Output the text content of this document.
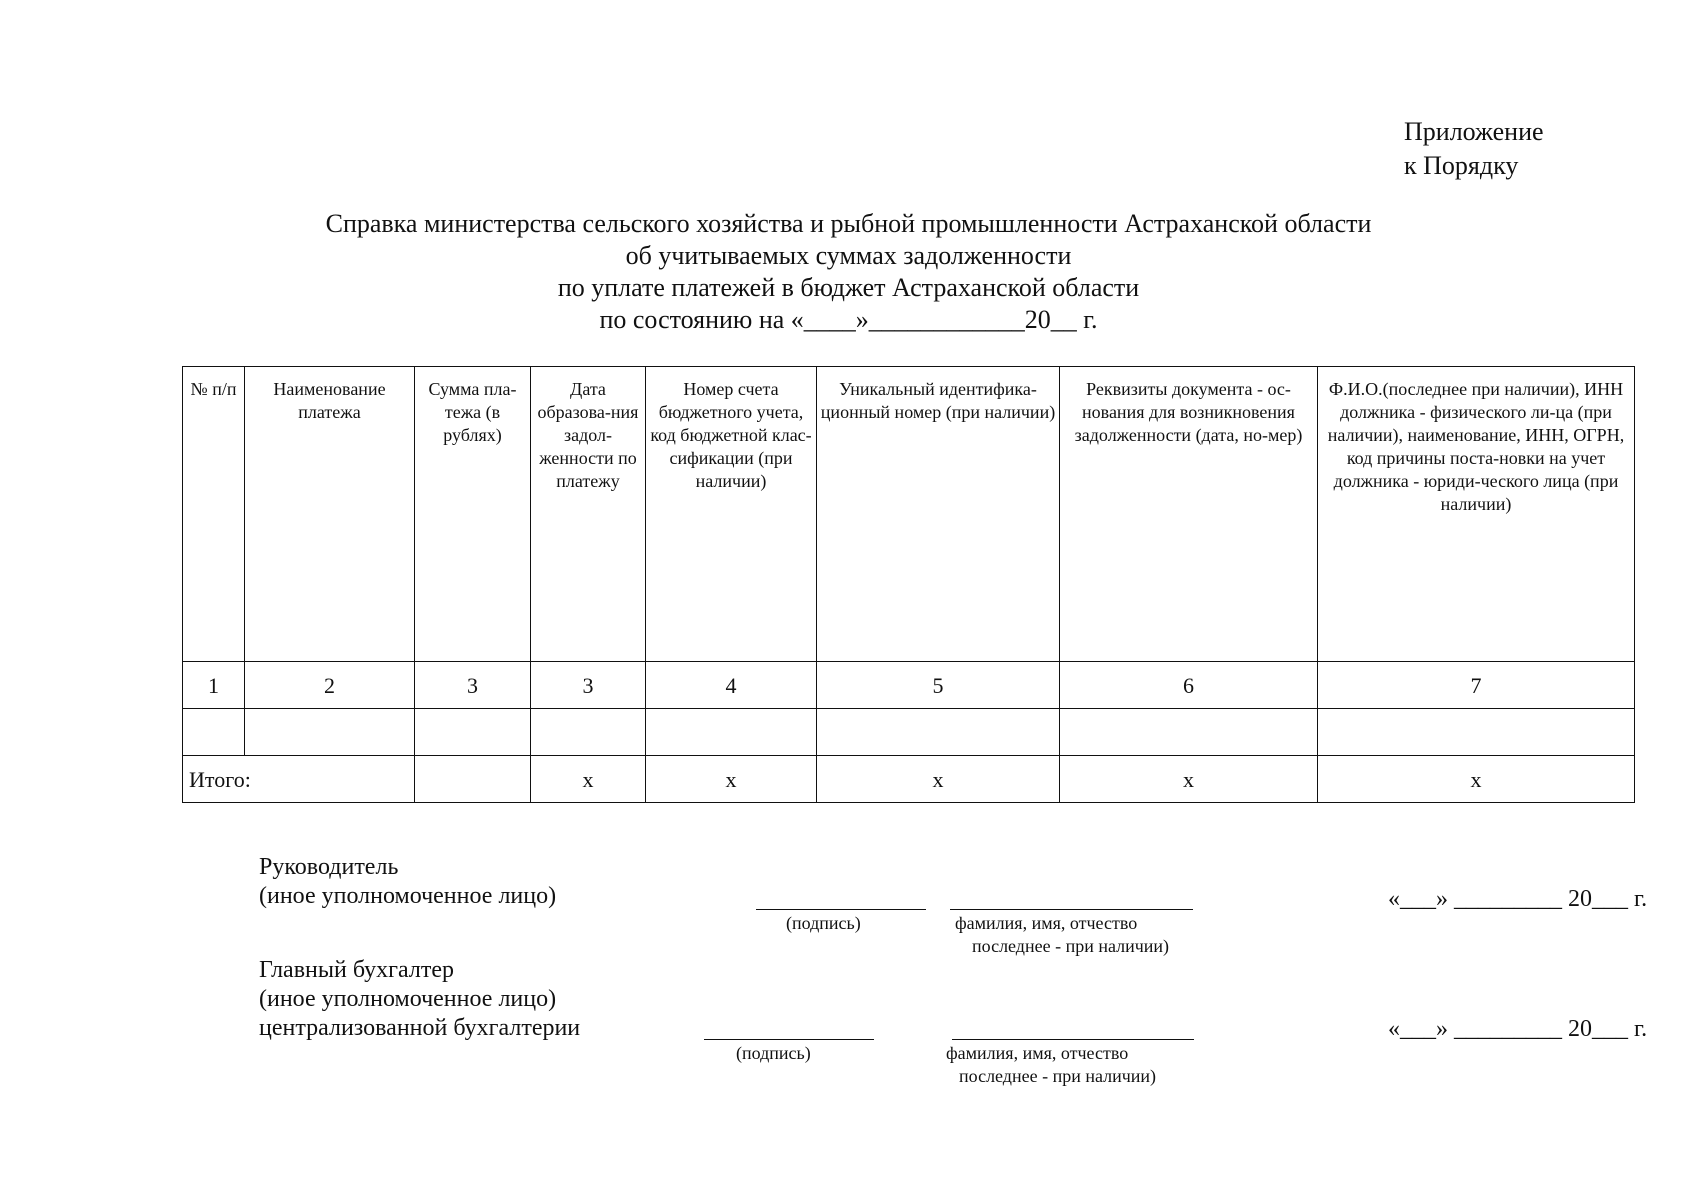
Приложение
к Порядку
Справка министерства сельского хозяйства и рыбной промышленности Астраханской области
об учитываемых суммах задолженности
по уплате платежей в бюджет Астраханской области
по состоянию на «____»____________20__ г.
№ п/п	Наименование платежа	Сумма пла-тежа (в рублях)	Дата образова-ния задол-женности по платежу	Номер счета бюджетного учета, код бюджетной клас-сификации (при наличии)	Уникальный идентифика-ционный номер (при наличии)	Реквизиты документа - ос-нования для возникновения задолженности (дата, но-мер)	Ф.И.О.(последнее при наличии), ИНН должника - физического ли-ца (при наличии), наименование, ИНН, ОГРН, код причины поста-новки на учет должника - юриди-ческого лица (при наличии)
1	2	3	3	4	5	6	7

Итого:			x	x	x	x	x
Руководитель
(иное уполномоченное лицо)
(подпись)	фамилия, имя, отчество
последнее - при наличии)
«___» _________ 20___ г.
Главный бухгалтер
(иное уполномоченное лицо)
централизованной бухгалтерии
(подпись)	фамилия, имя, отчество
последнее - при наличии)
«___» _________ 20___ г.
